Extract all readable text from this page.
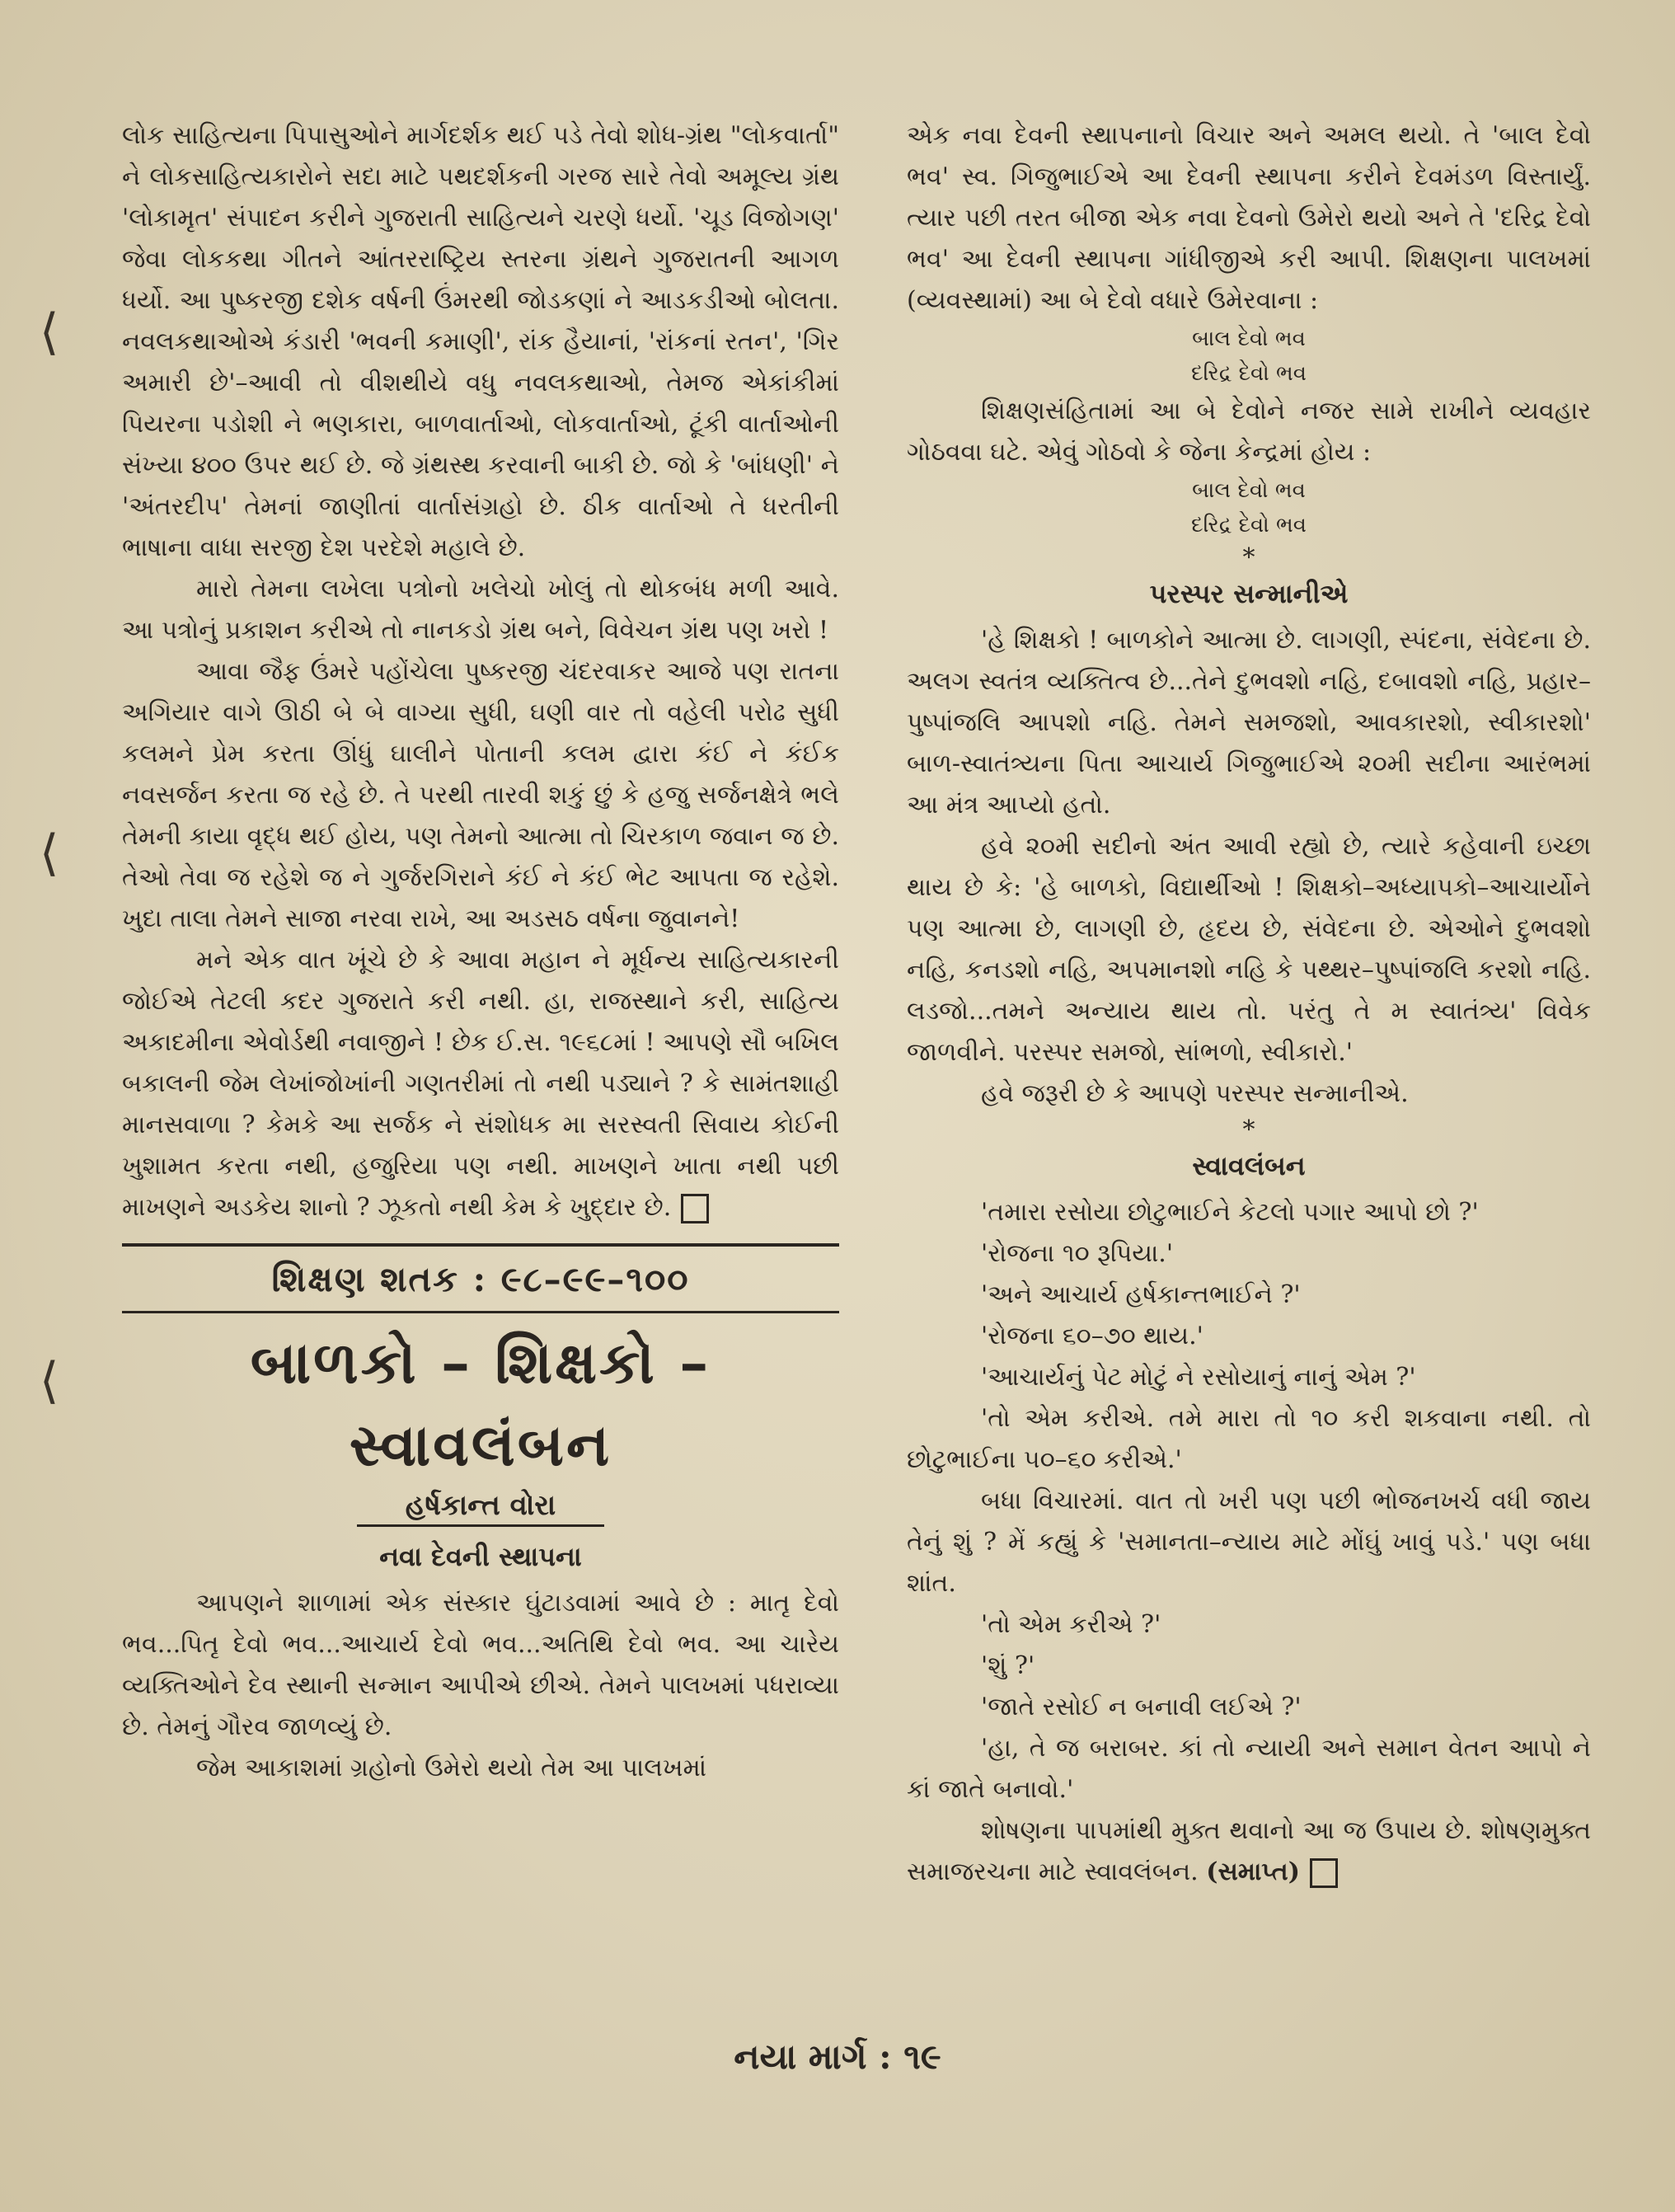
⟨
⟨
⟨

લોક સાહિત્યના પિપાસુઓને માર્ગદર્શક થઈ પડે તેવો શોધ-ગ્રંથ "લોકવાર્તા" ને લોકસાહિત્યકારોને સદા માટે પથદર્શકની ગરજ સારે તેવો અમૂલ્ય ગ્રંથ 'લોકામૃત' સંપાદન કરીને ગુજરાતી સાહિત્યને ચરણે ધર્યો. 'ચૂડ વિજોગણ' જેવા લોકકથા ગીતને આંતરરાષ્ટ્રિય સ્તરના ગ્રંથને ગુજરાતની આગળ ધર્યો. આ પુષ્કરજી દશેક વર્ષની ઉંમરથી જોડકણાં ને આડકડીઓ બોલતા. નવલકથાઓએ કંડારી 'ભવની કમાણી', રાંક હૈયાનાં, 'રાંકનાં રતન', 'ગિર અમારી છે'–આવી તો વીશથીયે વધુ નવલકથાઓ, તેમજ એકાંકીમાં પિયરના પડોશી ને ભણકારા, બાળવાર્તાઓ, લોકવાર્તાઓ, ટૂંકી વાર્તાઓની સંખ્યા ૪૦૦ ઉપર થઈ છે. જે ગ્રંથસ્થ કરવાની બાકી છે. જો કે 'બાંધણી' ને 'અંતરદીપ' તેમનાં જાણીતાં વાર્તાસંગ્રહો છે. ઠીક વાર્તાઓ તે ધરતીની ભાષાના વાધા સરજી દેશ પરદેશે મહાલે છે.

મારો તેમના લખેલા પત્રોનો ખલેચો ખોલું તો થોકબંધ મળી આવે. આ પત્રોનું પ્રકાશન કરીએ તો નાનકડો ગ્રંથ બને, વિવેચન ગ્રંથ પણ ખરો !

આવા જૈફ ઉંમરે પહોંચેલા પુષ્કરજી ચંદરવાકર આજે પણ રાતના અગિયાર વાગે ઊઠી બે બે વાગ્યા સુધી, ઘણી વાર તો વહેલી પરોઢ સુધી કલમને પ્રેમ કરતા ઊંધું ઘાલીને પોતાની કલમ દ્વારા કંઈ ને કંઈક નવસર્જન કરતા જ રહે છે. તે પરથી તારવી શકું છું કે હજુ સર્જનક્ષેત્રે ભલે તેમની કાયા વૃદ્ધ થઈ હોય, પણ તેમનો આત્મા તો ચિરકાળ જવાન જ છે. તેઓ તેવા જ રહેશે જ ને ગુર્જરગિરાને કંઈ ને કંઈ ભેટ આપતા જ રહેશે. ખુદા તાલા તેમને સાજા નરવા રાખે, આ અડસઠ વર્ષના જુવાનને!

મને એક વાત ખૂંચે છે કે આવા મહાન ને મૂર્ધન્ય સાહિત્યકારની જોઈએ તેટલી કદર ગુજરાતે કરી નથી. હા, રાજસ્થાને કરી, સાહિત્ય અકાદમીના એવોર્ડથી નવાજીને ! છેક ઈ.સ. ૧૯૬૮માં ! આપણે સૌ બખિલ બકાલની જેમ લેખાંજોખાંની ગણતરીમાં તો નથી પડ્યાને ? કે સામંતશાહી માનસવાળા ? કેમકે આ સર્જક ને સંશોધક મા સરસ્વતી સિવાય કોઈની ખુશામત કરતા નથી, હજુરિયા પણ નથી. માખણને ખાતા નથી પછી માખણને અડકેય શાનો ? ઝૂકતો નથી કેમ કે ખુદ્દાર છે.

શિક્ષણ શતક : ૯૮–૯૯–૧૦૦
બાળકો – શિક્ષકો – સ્વાવલંબન
હર્ષકાન્ત વોરા
નવા દેવની સ્થાપના

આપણને શાળામાં એક સંસ્કાર ઘુંટાડવામાં આવે છે : માતૃ દેવો ભવ...પિતૃ દેવો ભવ...આચાર્ય દેવો ભવ...અતિથિ દેવો ભવ. આ ચારેય વ્યક્તિઓને દેવ સ્થાની સન્માન આપીએ છીએ. તેમને પાલખમાં પધરાવ્યા છે. તેમનું ગૌરવ જાળવ્યું છે.

જેમ આકાશમાં ગ્રહોનો ઉમેરો થયો તેમ આ પાલખમાં

એક નવા દેવની સ્થાપનાનો વિચાર અને અમલ થયો. તે 'બાલ દેવો ભવ' સ્વ. ગિજુભાઈએ આ દેવની સ્થાપના કરીને દેવમંડળ વિસ્તાર્યું. ત્યાર પછી તરત બીજા એક નવા દેવનો ઉમેરો થયો અને તે 'દરિદ્ર દેવો ભવ' આ દેવની સ્થાપના ગાંધીજીએ કરી આપી. શિક્ષણના પાલખમાં (વ્યવસ્થામાં) આ બે દેવો વધારે ઉમેરવાના :

બાલ દેવો ભવ
દરિદ્ર દેવો ભવ

શિક્ષણસંહિતામાં આ બે દેવોને નજર સામે રાખીને વ્યવહાર ગોઠવવા ઘટે. એવું ગોઠવો કે જેના કેન્દ્રમાં હોય :

બાલ દેવો ભવ
દરિદ્ર દેવો ભવ
*
પરસ્પર સન્માનીએ

'હે શિક્ષકો ! બાળકોને આત્મા છે. લાગણી, સ્પંદના, સંવેદના છે. અલગ સ્વતંત્ર વ્યક્તિત્વ છે...તેને દુભવશો નહિ, દબાવશો નહિ, પ્રહાર–પુષ્પાંજલિ આપશો નહિ. તેમને સમજશો, આવકારશો, સ્વીકારશો' બાળ-સ્વાતંત્ર્યના પિતા આચાર્ય ગિજુભાઈએ ૨૦મી સદીના આરંભમાં આ મંત્ર આપ્યો હતો.

હવે ૨૦મી સદીનો અંત આવી રહ્યો છે, ત્યારે કહેવાની ઇચ્છા થાય છે કે: 'હે બાળકો, વિદ્યાર્થીઓ ! શિક્ષકો–અધ્યાપકો–આચાર્યોને પણ આત્મા છે, લાગણી છે, હૃદય છે, સંવેદના છે. એઓને દુભવશો નહિ, કનડશો નહિ, અપમાનશો નહિ કે પથ્થર–પુષ્પાંજલિ કરશો નહિ. લડજો...તમને અન્યાય થાય તો. પરંતુ તે મ સ્વાતંત્ર્ય' વિવેક જાળવીને. પરસ્પર સમજો, સાંભળો, સ્વીકારો.'

હવે જરૂરી છે કે આપણે પરસ્પર સન્માનીએ.

*
સ્વાવલંબન

'તમારા રસોયા છોટુભાઈને કેટલો પગાર આપો છો ?'

'રોજના ૧૦ રૂપિયા.'

'અને આચાર્ય હર્ષકાન્તભાઈને ?'

'રોજના ૬૦–૭૦ થાય.'

'આચાર્યનું પેટ મોટું ને રસોયાનું નાનું એમ ?'

'તો એમ કરીએ. તમે મારા તો ૧૦ કરી શકવાના નથી. તો છોટુભાઈના ૫૦–૬૦ કરીએ.'

બધા વિચારમાં. વાત તો ખરી પણ પછી ભોજનખર્ચ વધી જાય તેનું શું ? મેં કહ્યું કે 'સમાનતા–ન્યાય માટે મોંઘું ખાવું પડે.' પણ બધા શાંત.

'તો એમ કરીએ ?'

'શું ?'

'જાતે રસોઈ ન બનાવી લઈએ ?'

'હા, તે જ બરાબર. કાં તો ન્યાયી અને સમાન વેતન આપો ને કાં જાતે બનાવો.'

શોષણના પાપમાંથી મુક્ત થવાનો આ જ ઉપાય છે. શોષણમુક્ત સમાજરચના માટે સ્વાવલંબન. (સમાપ્ત)

નયા માર્ગ : ૧૯
